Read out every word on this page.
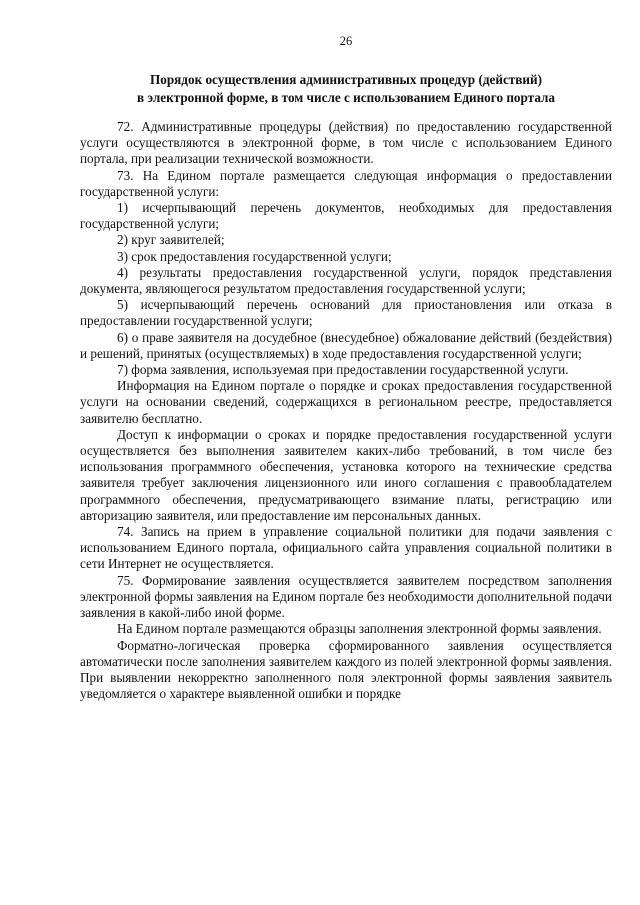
26
Порядок осуществления административных процедур (действий)
в электронной форме, в том числе с использованием Единого портала

72. Административные процедуры (действия) по предоставлению государственной услуги осуществляются в электронной форме, в том числе с использованием Единого портала, при реализации технической возможности.

73. На Едином портале размещается следующая информация о предоставлении государственной услуги:

1) исчерпывающий перечень документов, необходимых для предоставления государственной услуги;

2) круг заявителей;

3) срок предоставления государственной услуги;

4) результаты предоставления государственной услуги, порядок представления документа, являющегося результатом предоставления государственной услуги;

5) исчерпывающий перечень оснований для приостановления или отказа в предоставлении государственной услуги;

6) о праве заявителя на досудебное (внесудебное) обжалование действий (бездействия) и решений, принятых (осуществляемых) в ходе предоставления государственной услуги;

7) форма заявления, используемая при предоставлении государственной услуги.

Информация на Едином портале о порядке и сроках предоставления государственной услуги на основании сведений, содержащихся в региональном реестре, предоставляется заявителю бесплатно.

Доступ к информации о сроках и порядке предоставления государственной услуги осуществляется без выполнения заявителем каких-либо требований, в том числе без использования программного обеспечения, установка которого на технические средства заявителя требует заключения лицензионного или иного соглашения с правообладателем программного обеспечения, предусматривающего взимание платы, регистрацию или авторизацию заявителя, или предоставление им персональных данных.

74. Запись на прием в управление социальной политики для подачи заявления с использованием Единого портала, официального сайта управления социальной политики в сети Интернет не осуществляется.

75. Формирование заявления осуществляется заявителем посредством заполнения электронной формы заявления на Едином портале без необходимости дополнительной подачи заявления в какой-либо иной форме.

На Едином портале размещаются образцы заполнения электронной формы заявления.

Форматно-логическая проверка сформированного заявления осуществляется автоматически после заполнения заявителем каждого из полей электронной формы заявления. При выявлении некорректно заполненного поля электронной формы заявления заявитель уведомляется о характере выявленной ошибки и порядке
